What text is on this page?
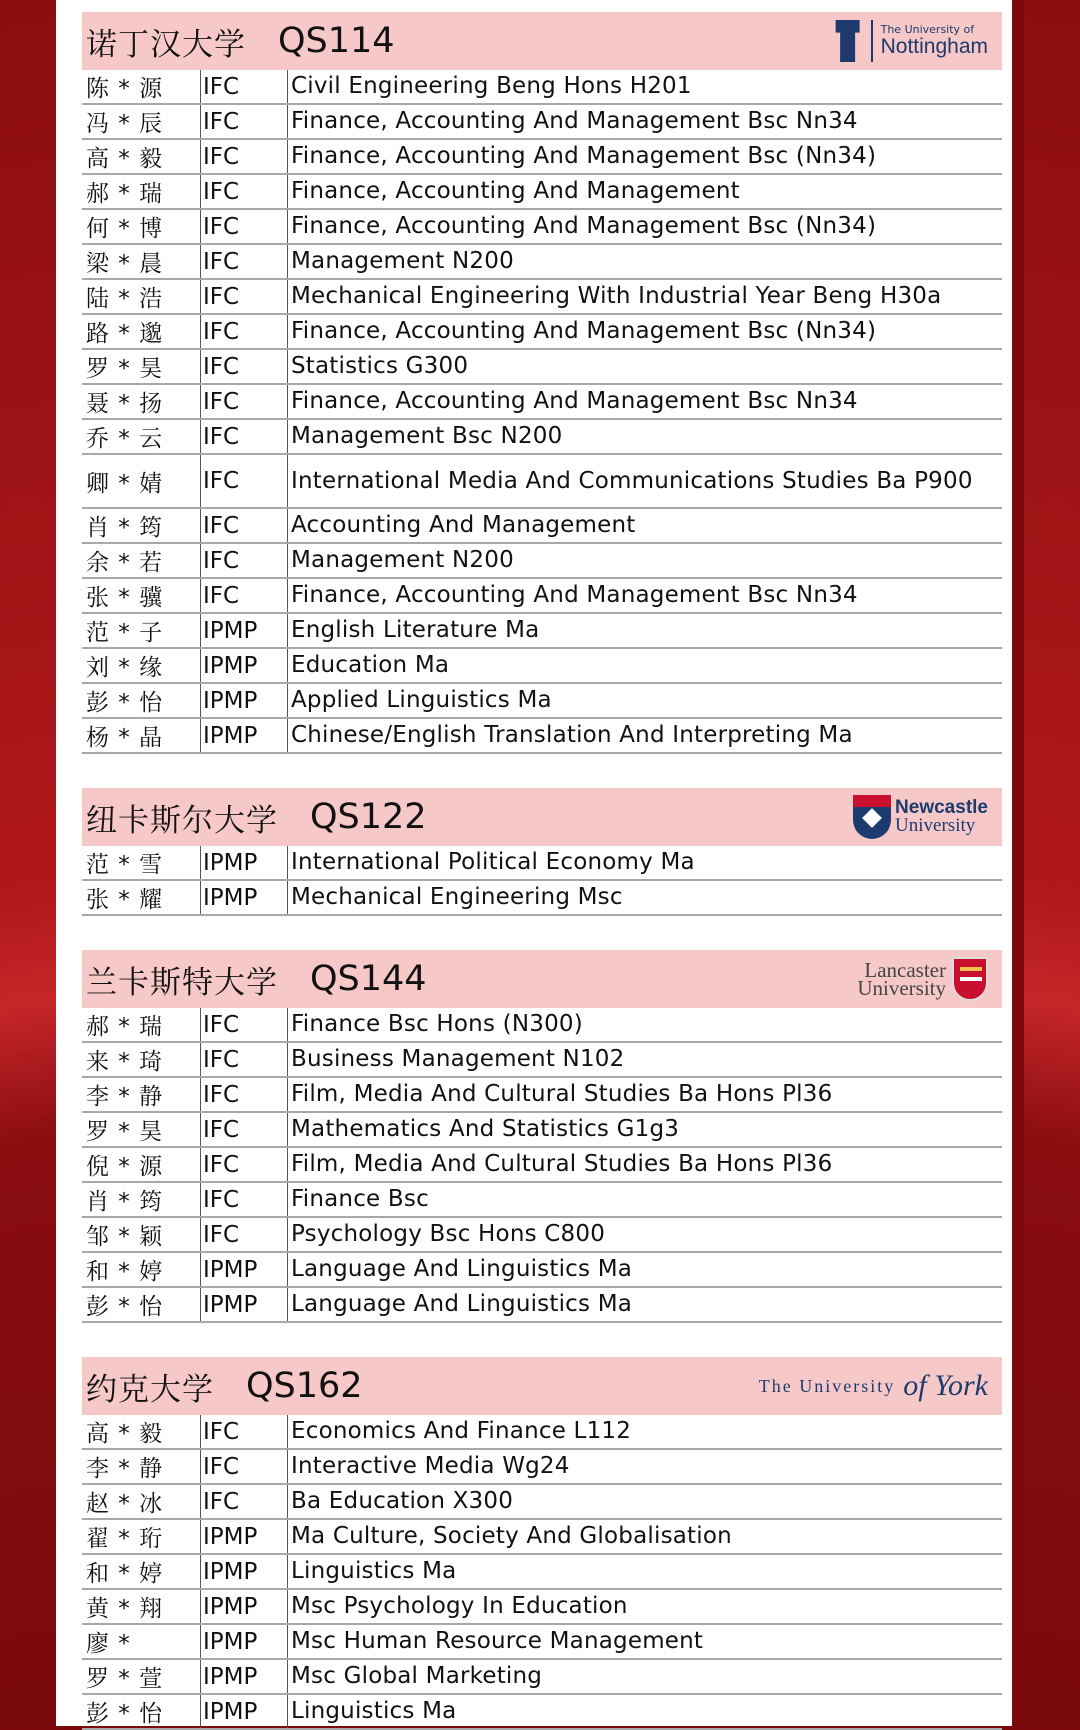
诺丁汉大学 QS114	The University of
Nottingham
陈 * 源	IFC	Civil Engineering Beng Hons H201
冯 * 辰	IFC	Finance, Accounting And Management Bsc Nn34
高 * 毅	IFC	Finance, Accounting And Management Bsc (Nn34)
郝 * 瑞	IFC	Finance, Accounting And Management
何 * 博	IFC	Finance, Accounting And Management Bsc (Nn34)
梁 * 晨	IFC	Management N200
陆 * 浩	IFC	Mechanical Engineering With Industrial Year Beng H30a
路 * 邈	IFC	Finance, Accounting And Management Bsc (Nn34)
罗 * 昊	IFC	Statistics G300
聂 * 扬	IFC	Finance, Accounting And Management Bsc Nn34
乔 * 云	IFC	Management Bsc N200
卿 * 婧	IFC	International Media And Communications Studies Ba P900
肖 * 筠	IFC	Accounting And Management
余 * 若	IFC	Management N200
张 * 骥	IFC	Finance, Accounting And Management Bsc Nn34
范 * 子	IPMP	English Literature Ma
刘 * 缘	IPMP	Education Ma
彭 * 怡	IPMP	Applied Linguistics Ma
杨 * 晶	IPMP	Chinese/English Translation And Interpreting Ma
纽卡斯尔大学 QS122	Newcastle
University
范 * 雪	IPMP	International Political Economy Ma
张 * 耀	IPMP	Mechanical Engineering Msc
兰卡斯特大学 QS144	Lancaster
University
郝 * 瑞	IFC	Finance Bsc Hons (N300)
来 * 琦	IFC	Business Management N102
李 * 静	IFC	Film, Media And Cultural Studies Ba Hons Pl36
罗 * 昊	IFC	Mathematics And Statistics G1g3
倪 * 源	IFC	Film, Media And Cultural Studies Ba Hons Pl36
肖 * 筠	IFC	Finance Bsc
邹 * 颖	IFC	Psychology Bsc Hons C800
和 * 婷	IPMP	Language And Linguistics Ma
彭 * 怡	IPMP	Language And Linguistics Ma
约克大学 QS162	The University
of York
高 * 毅	IFC	Economics And Finance L112
李 * 静	IFC	Interactive Media Wg24
赵 * 冰	IFC	Ba Education X300
翟 * 珩	IPMP	Ma Culture, Society And Globalisation
和 * 婷	IPMP	Linguistics Ma
黄 * 翔	IPMP	Msc Psychology In Education
廖 *	IPMP	Msc Human Resource Management
罗 * 萱	IPMP	Msc Global Marketing
彭 * 怡	IPMP	Linguistics Ma
